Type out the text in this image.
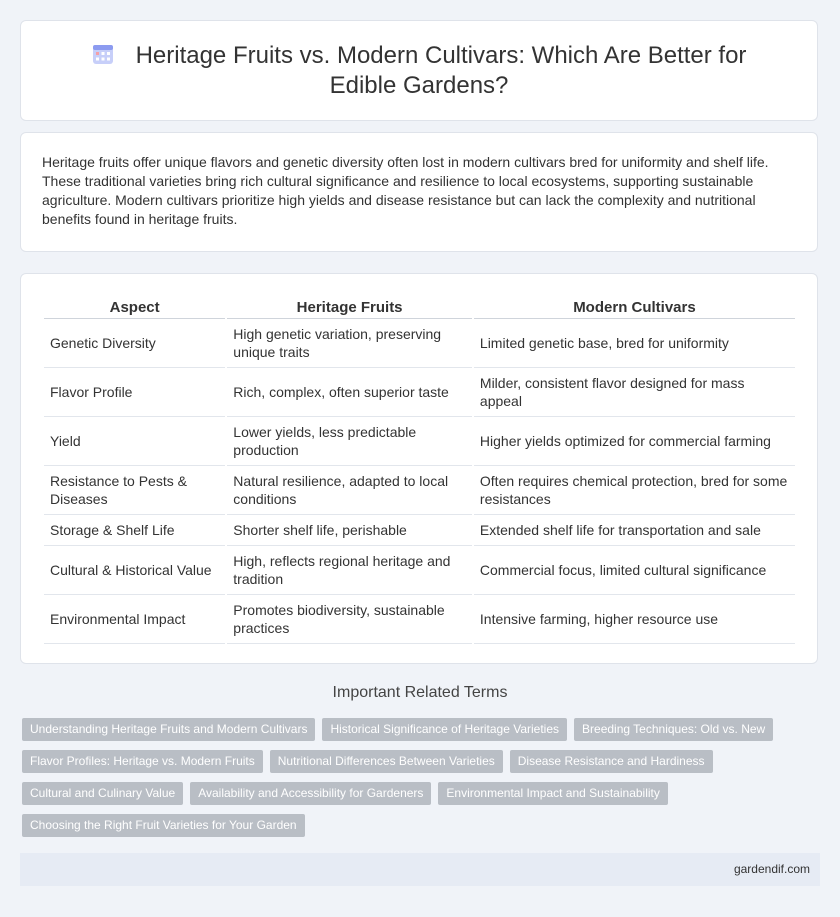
Heritage Fruits vs. Modern Cultivars: Which Are Better for Edible Gardens?

Heritage fruits offer unique flavors and genetic diversity often lost in modern cultivars bred for uniformity and shelf life. These traditional varieties bring rich cultural significance and resilience to local ecosystems, supporting sustainable agriculture. Modern cultivars prioritize high yields and disease resistance but can lack the complexity and nutritional benefits found in heritage fruits.

Aspect	Heritage Fruits	Modern Cultivars
Genetic Diversity	High genetic variation, preserving unique traits	Limited genetic base, bred for uniformity
Flavor Profile	Rich, complex, often superior taste	Milder, consistent flavor designed for mass appeal
Yield	Lower yields, less predictable production	Higher yields optimized for commercial farming
Resistance to Pests & Diseases	Natural resilience, adapted to local conditions	Often requires chemical protection, bred for some resistances
Storage & Shelf Life	Shorter shelf life, perishable	Extended shelf life for transportation and sale
Cultural & Historical Value	High, reflects regional heritage and tradition	Commercial focus, limited cultural significance
Environmental Impact	Promotes biodiversity, sustainable practices	Intensive farming, higher resource use
Important Related Terms
Understanding Heritage Fruits and Modern Cultivars	Historical Significance of Heritage Varieties	Breeding Techniques: Old vs. New
Flavor Profiles: Heritage vs. Modern Fruits	Nutritional Differences Between Varieties	Disease Resistance and Hardiness
Cultural and Culinary Value	Availability and Accessibility for Gardeners	Environmental Impact and Sustainability
Choosing the Right Fruit Varieties for Your Garden
gardendif.com
